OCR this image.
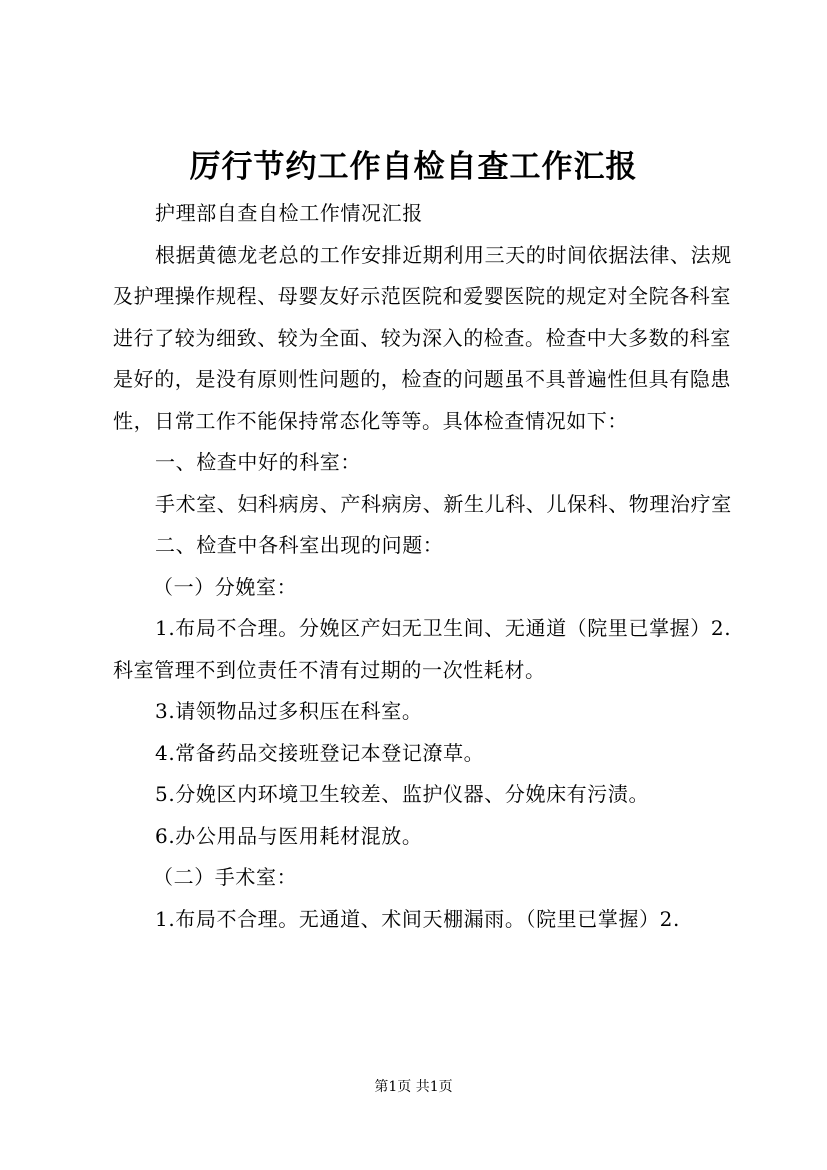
厉行节约工作自检自查工作汇报

护理部自查自检工作情况汇报

根据黄德龙老总的工作安排近期利用三天的时间依据法律、法规及护理操作规程、母婴友好示范医院和爱婴医院的规定对全院各科室进行了较为细致、较为全面、较为深入的检查。检查中大多数的科室是好的，是没有原则性问题的，检查的问题虽不具普遍性但具有隐患性，日常工作不能保持常态化等等。具体检查情况如下：

一、检查中好的科室：

手术室、妇科病房、产科病房、新生儿科、儿保科、物理治疗室

二、检查中各科室出现的问题：

（一）分娩室：

1.布局不合理。分娩区产妇无卫生间、无通道（院里已掌握）2.科室管理不到位责任不清有过期的一次性耗材。

3.请领物品过多积压在科室。

4.常备药品交接班登记本登记潦草。

5.分娩区内环境卫生较差、监护仪器、分娩床有污渍。

6.办公用品与医用耗材混放。

（二）手术室：

1.布局不合理。无通道、术间天棚漏雨。（院里已掌握）2.

第1页 共1页
